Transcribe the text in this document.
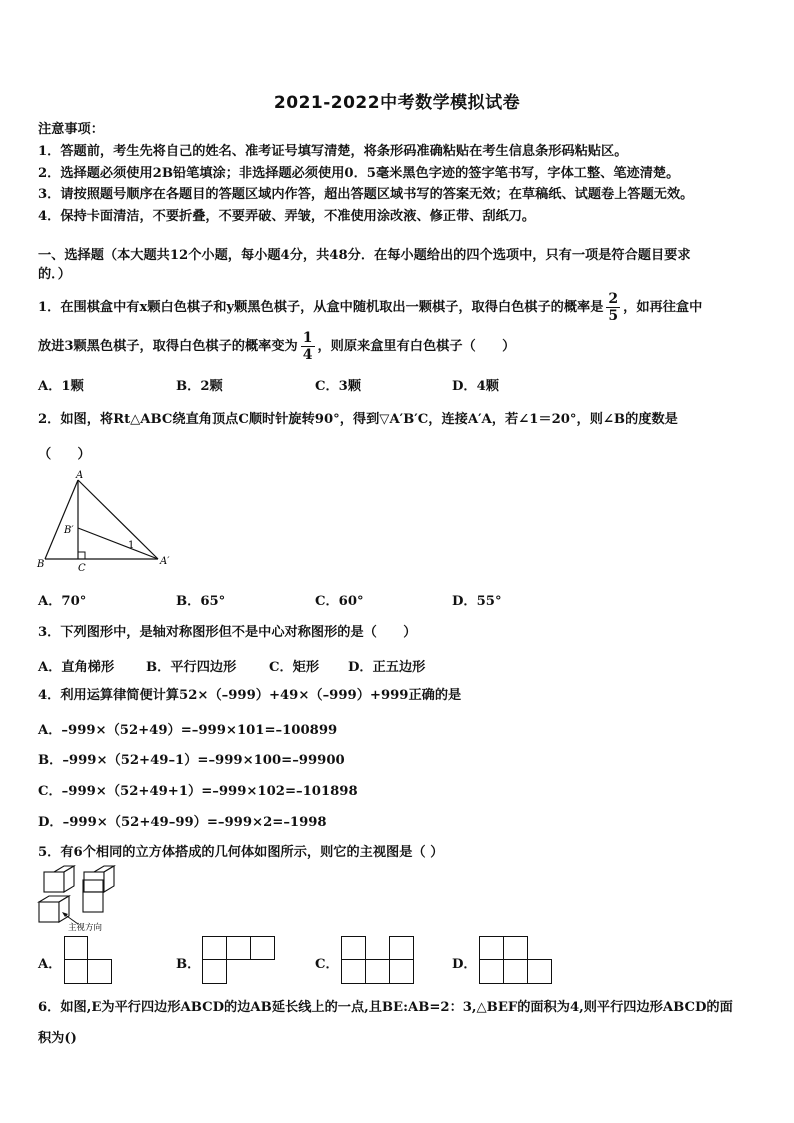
2021-2022中考数学模拟试卷
注意事项：
1．答题前，考生先将自己的姓名、准考证号填写清楚，将条形码准确粘贴在考生信息条形码粘贴区。
2．选择题必须使用2B铅笔填涂；非选择题必须使用0．5毫米黑色字迹的签字笔书写，字体工整、笔迹清楚。
3．请按照题号顺序在各题目的答题区域内作答，超出答题区域书写的答案无效；在草稿纸、试题卷上答题无效。
4．保持卡面清洁，不要折叠，不要弄破、弄皱，不准使用涂改液、修正带、刮纸刀。
一、选择题（本大题共12个小题，每小题4分，共48分．在每小题给出的四个选项中，只有一项是符合题目要求
的．）
1．在围棋盒中有x颗白色棋子和y颗黑色棋子，从盒中随机取出一颗棋子，取得白色棋子的概率是 $\frac{2}{5}$ ，如再往盒中
放进3颗黑色棋子，取得白色棋子的概率变为 $\frac{1}{4}$ ，则原来盒里有白色棋子（　　）
A．1颗	B．2颗	C．3颗	D．4颗
2．如图，将Rt△ABC绕直角顶点C顺时针旋转90°，得到▽A′B′C，连接A′A，若∠1＝20°，则∠B的度数是
（　　）
A
B
B′
C
A′
1
A．70°	B．65°	C．60°	D．55°
3．下列图形中，是轴对称图形但不是中心对称图形的是（　　）
A．直角梯形 B．平行四边形 C．矩形 D．正五边形
4．利用运算律简便计算52×（–999）+49×（–999）+999正确的是
A．–999×（52+49）=–999×101=–100899
B．–999×（52+49–1）=–999×100=–99900
C．–999×（52+49+1）=–999×102=–101898
D．–999×（52+49–99）=–999×2=–1998
5．有6个相同的立方体搭成的几何体如图所示，则它的主视图是（ ）
主视方向
A．	B．	C．	D．
6．如图,E为平行四边形ABCD的边AB延长线上的一点,且BE:AB=2：3,△BEF的面积为4,则平行四边形ABCD的面
积为()
